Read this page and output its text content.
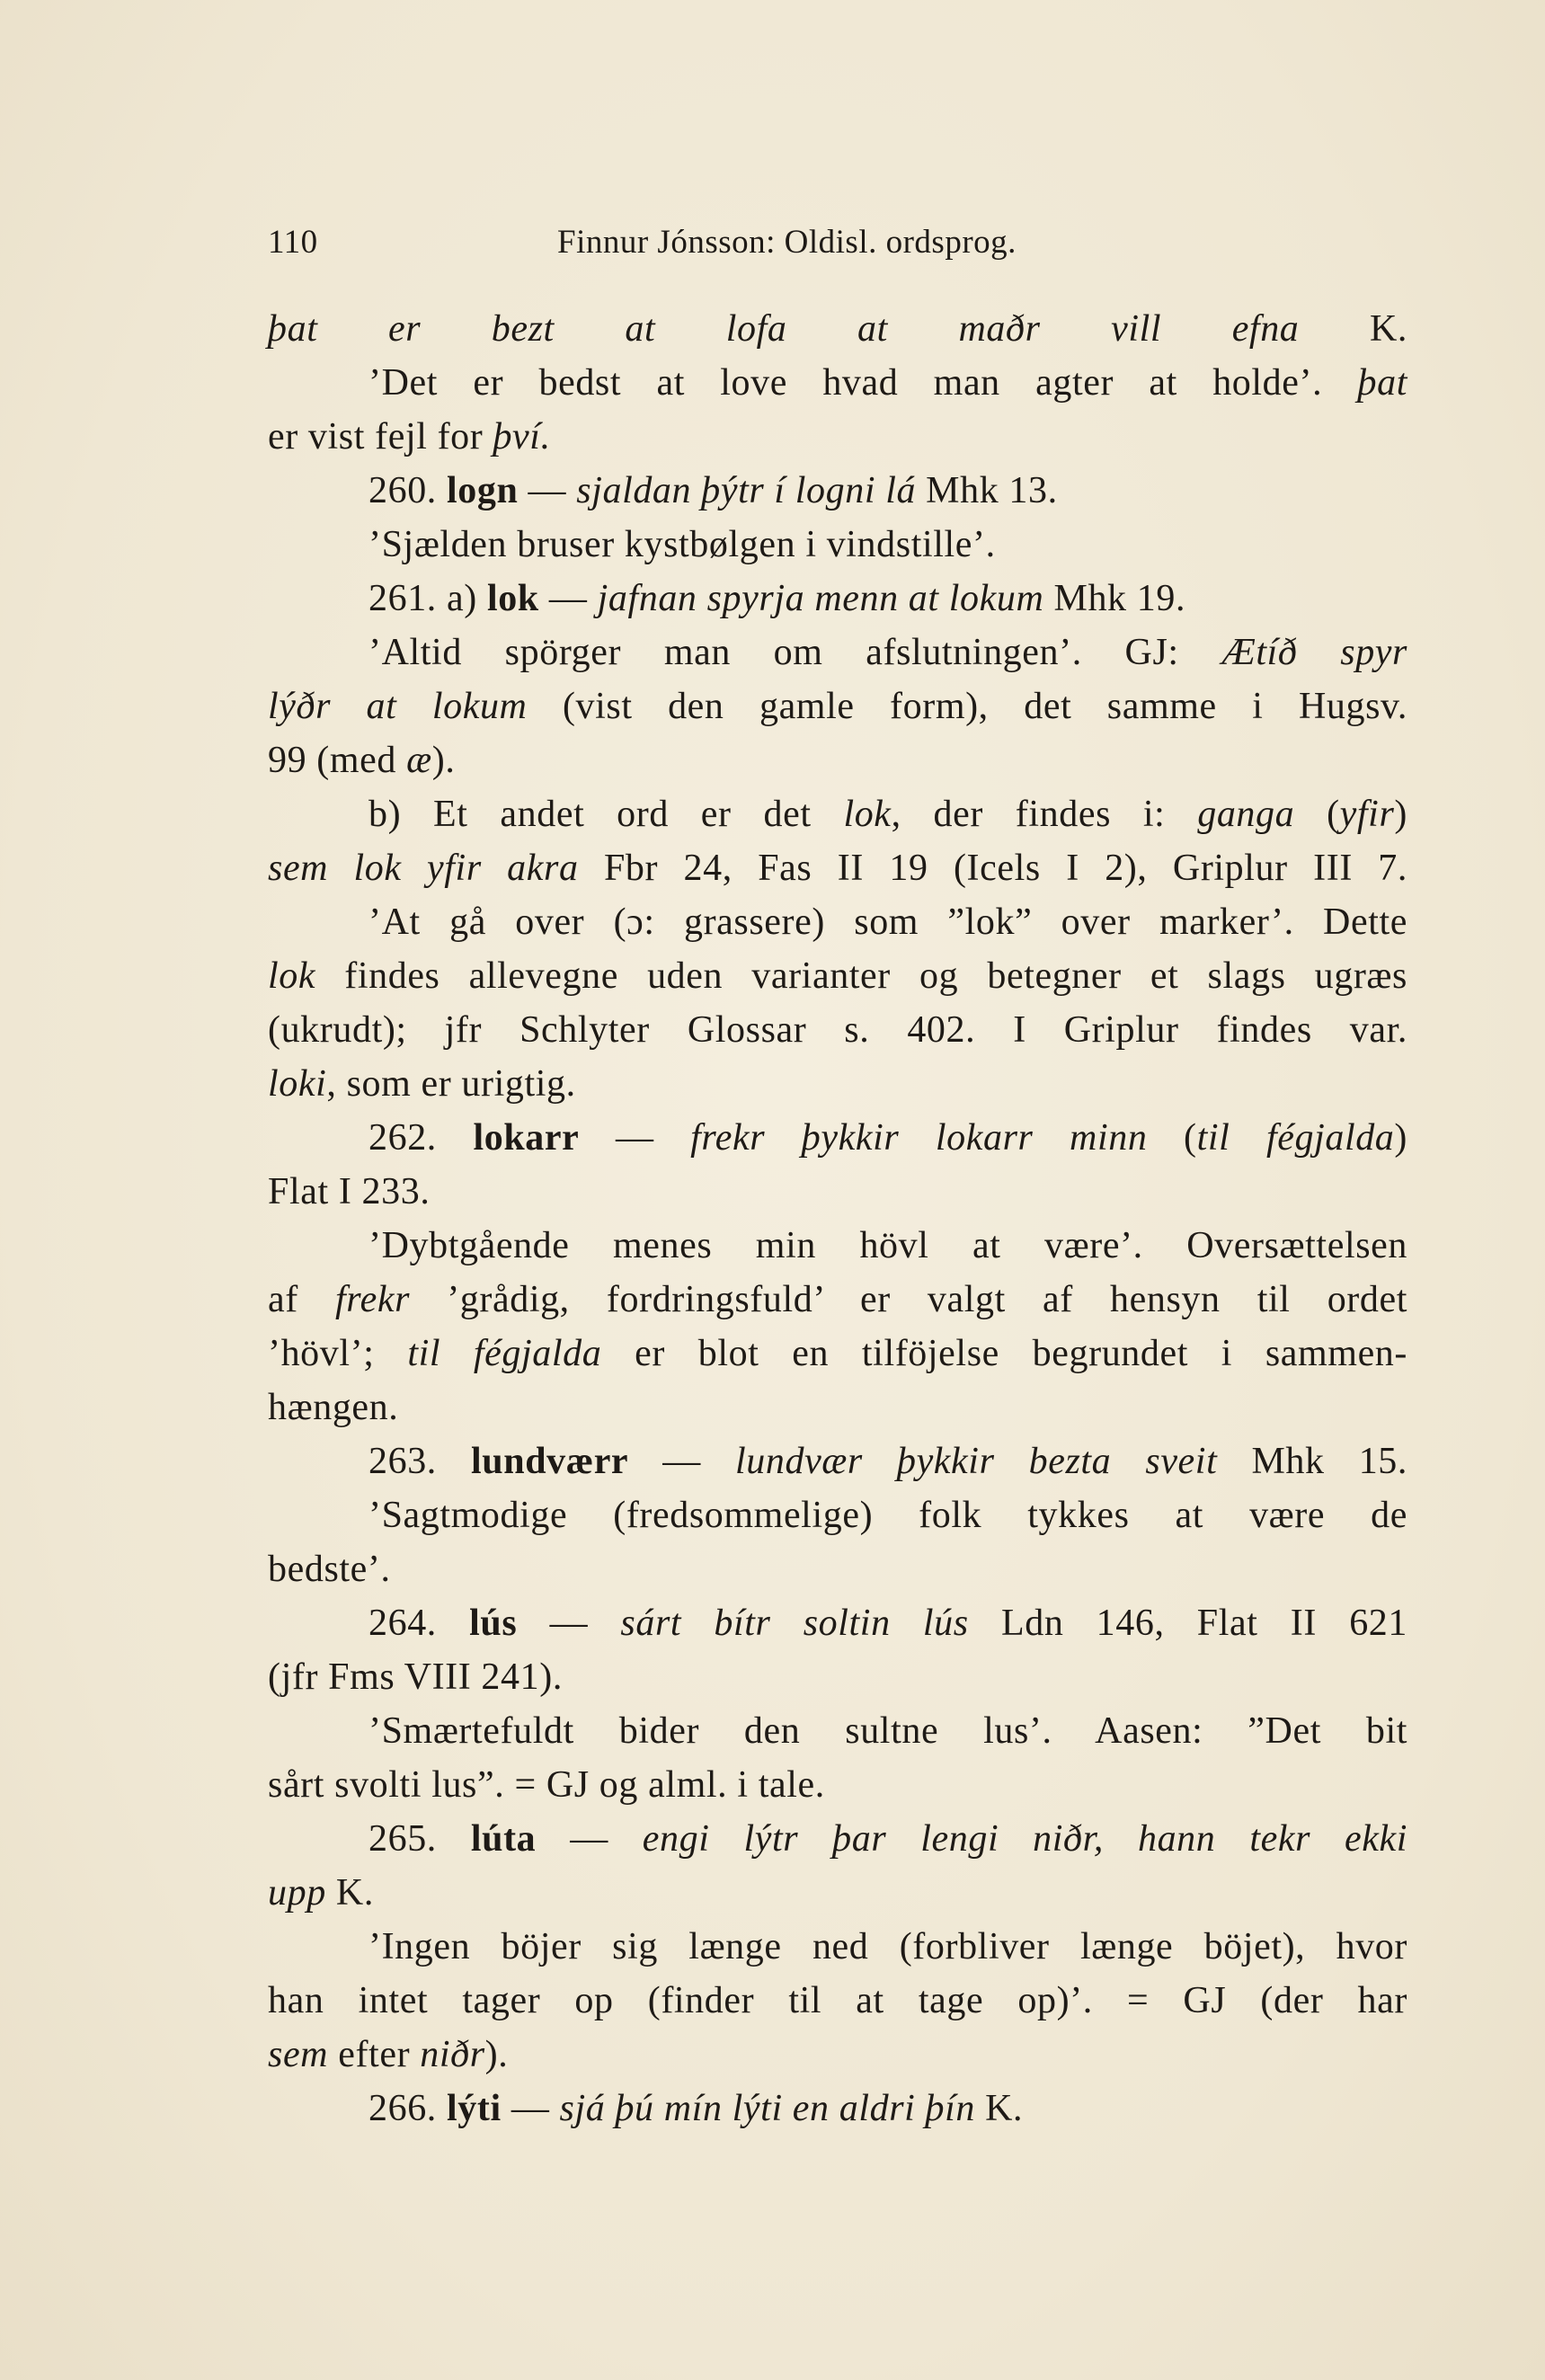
110	Finnur Jónsson: Oldisl. ordsprog.
þat er bezt at lofa at maðr vill efna K.
’Det er bedst at love hvad man agter at holde’. þat
er vist fejl for því.
260. logn — sjaldan þýtr í logni lá Mhk 13.
’Sjælden bruser kystbølgen i vindstille’.
261. a) lok — jafnan spyrja menn at lokum Mhk 19.
’Altid spörger man om afslutningen’. GJ: Ætíð spyr
lýðr at lokum (vist den gamle form), det samme i Hugsv.
99 (med æ).
b) Et andet ord er det lok, der findes i: ganga (yfir)
sem lok yfir akra Fbr 24, Fas II 19 (Icels I 2), Griplur III 7.
’At gå over (ɔ: grassere) som ”lok” over marker’. Dette
lok findes allevegne uden varianter og betegner et slags ugræs
(ukrudt); jfr Schlyter Glossar s. 402. I Griplur findes var.
loki, som er urigtig.
262. lokarr — frekr þykkir lokarr minn (til fégjalda)
Flat I 233.
’Dybtgående menes min hövl at være’. Oversættelsen
af frekr ’grådig, fordringsfuld’ er valgt af hensyn til ordet
’hövl’; til fégjalda er blot en tilföjelse begrundet i sammen-
hængen.
263. lundværr — lundvær þykkir bezta sveit Mhk 15.
’Sagtmodige (fredsommelige) folk tykkes at være de
bedste’.
264. lús — sárt bítr soltin lús Ldn 146, Flat II 621
(jfr Fms VIII 241).
’Smærtefuldt bider den sultne lus’. Aasen: ”Det bit
sårt svolti lus”. = GJ og alml. i tale.
265. lúta — engi lýtr þar lengi niðr, hann tekr ekki
upp K.
’Ingen böjer sig længe ned (forbliver længe böjet), hvor
han intet tager op (finder til at tage op)’. = GJ (der har
sem efter niðr).
266. lýti — sjá þú mín lýti en aldri þín K.
